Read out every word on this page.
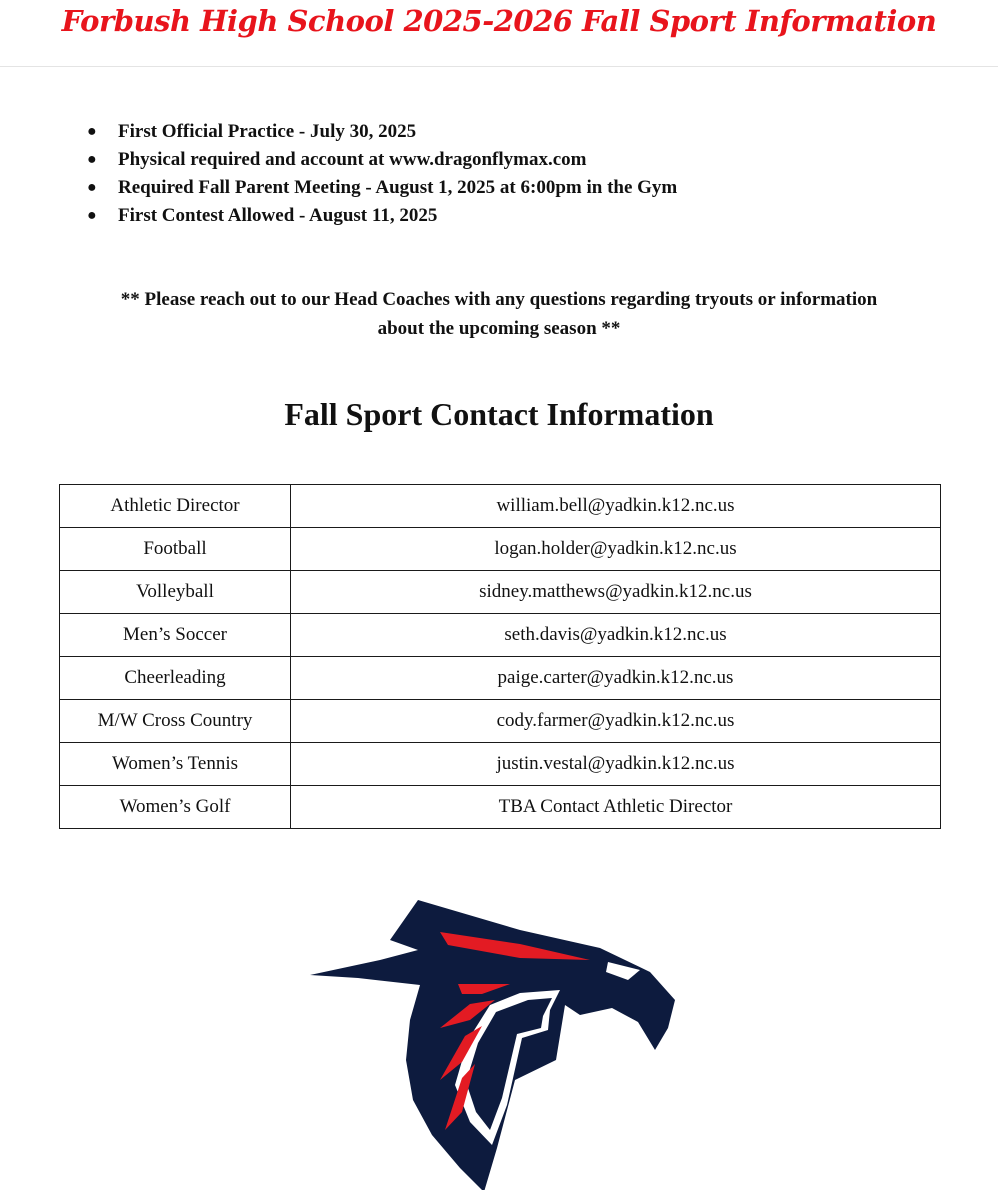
Forbush High School 2025-2026 Fall Sport Information
● First Official Practice - July 30, 2025
● Physical required and account at www.dragonflymax.com
● Required Fall Parent Meeting - August 1, 2025 at 6:00pm in the Gym
● First Contest Allowed - August 11, 2025
** Please reach out to our Head Coaches with any questions regarding tryouts or information
about the upcoming season **
Fall Sport Contact Information
Athletic Director	william.bell@yadkin.k12.nc.us
Football	logan.holder@yadkin.k12.nc.us
Volleyball	sidney.matthews@yadkin.k12.nc.us
Men’s Soccer	seth.davis@yadkin.k12.nc.us
Cheerleading	paige.carter@yadkin.k12.nc.us
M/W Cross Country	cody.farmer@yadkin.k12.nc.us
Women’s Tennis	justin.vestal@yadkin.k12.nc.us
Women’s Golf	TBA Contact Athletic Director
